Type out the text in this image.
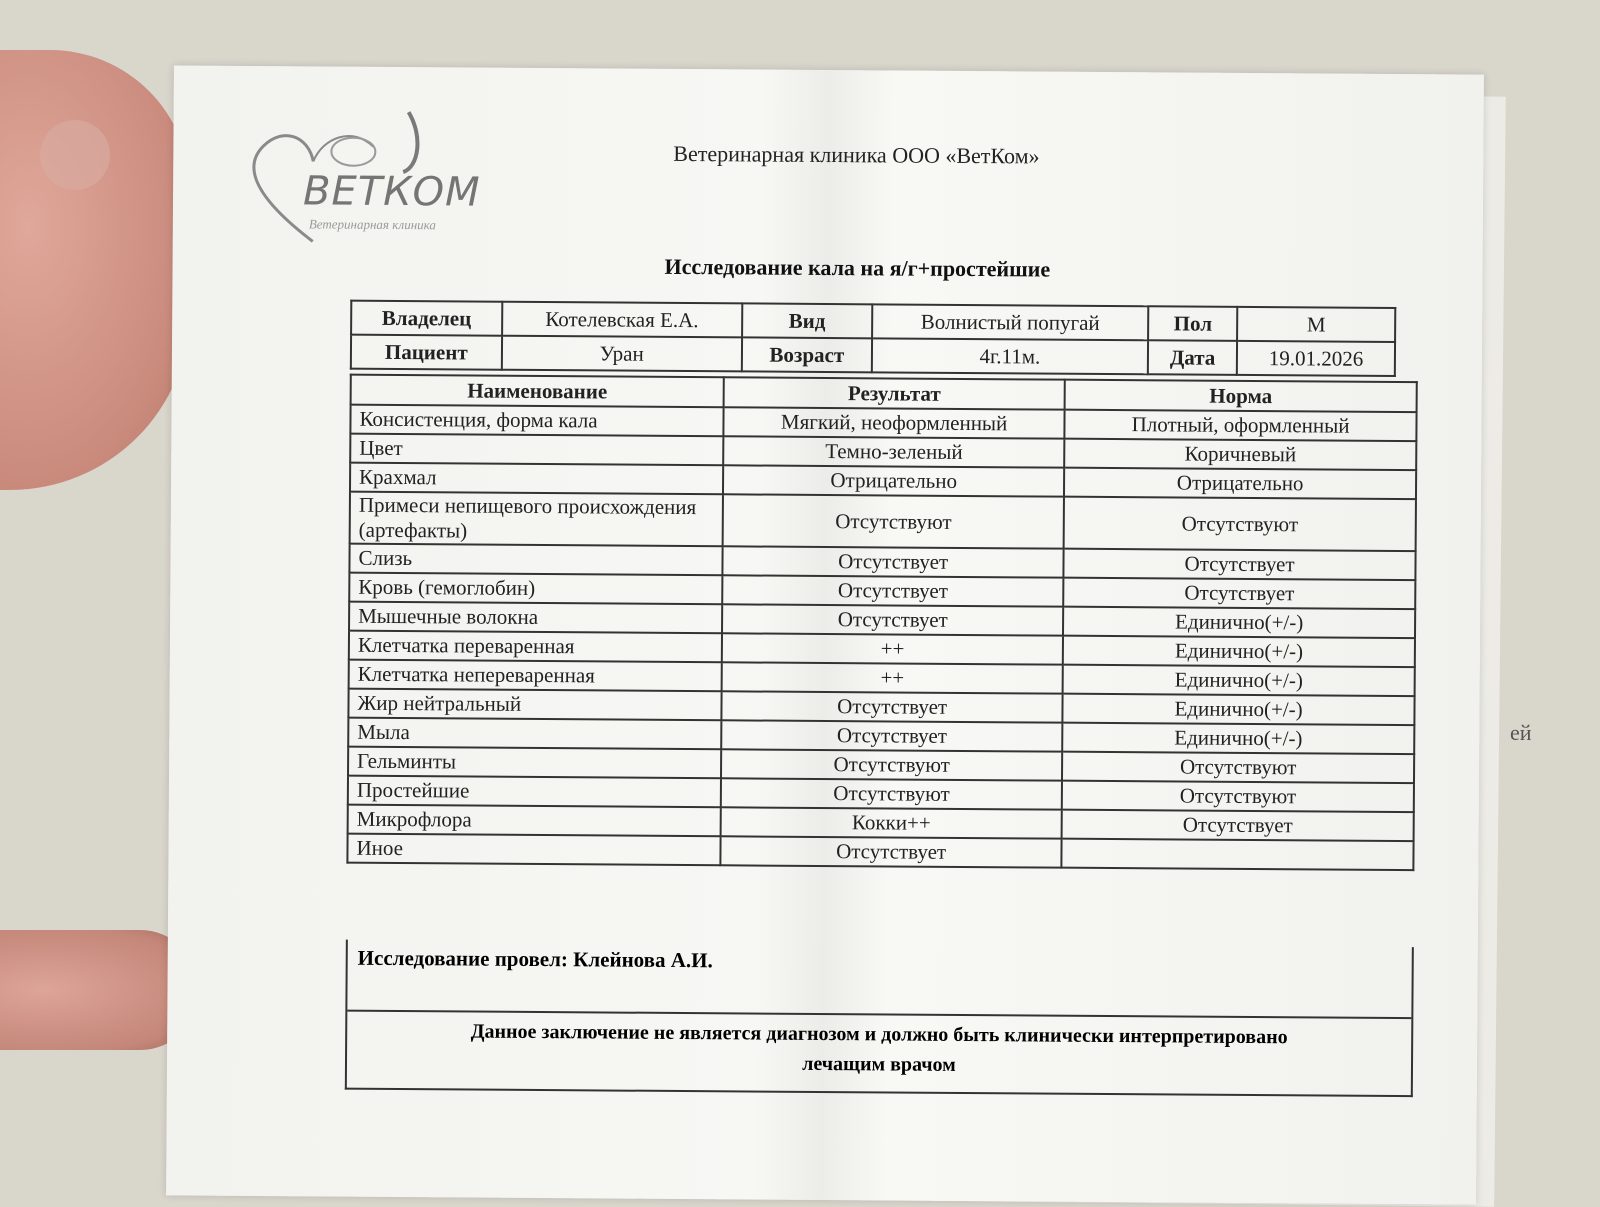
ей
ВЕТКОМ
Ветеринарная клиника
Ветеринарная клиника ООО «ВетКом»
Исследование кала на я/г+простейшие
Владелец	Котелевская Е.А.	Вид	Волнистый попугай	Пол	М
Пациент	Уран	Возраст	4г.11м.	Дата	19.01.2026
Наименование	Результат	Норма
Консистенция, форма кала	Мягкий, неоформленный	Плотный, оформленный
Цвет	Темно-зеленый	Коричневый
Крахмал	Отрицательно	Отрицательно
Примеси непищевого происхождения (артефакты)	Отсутствуют	Отсутствуют
Слизь	Отсутствует	Отсутствует
Кровь (гемоглобин)	Отсутствует	Отсутствует
Мышечные волокна	Отсутствует	Единично(+/-)
Клетчатка переваренная	++	Единично(+/-)
Клетчатка непереваренная	++	Единично(+/-)
Жир нейтральный	Отсутствует	Единично(+/-)
Мыла	Отсутствует	Единично(+/-)
Гельминты	Отсутствуют	Отсутствуют
Простейшие	Отсутствуют	Отсутствуют
Микрофлора	Кокки++	Отсутствует
Иное	Отсутствует	
Исследование провел: Клейнова А.И.
Данное заключение не является диагнозом и должно быть клинически интерпретировано
лечащим врачом
